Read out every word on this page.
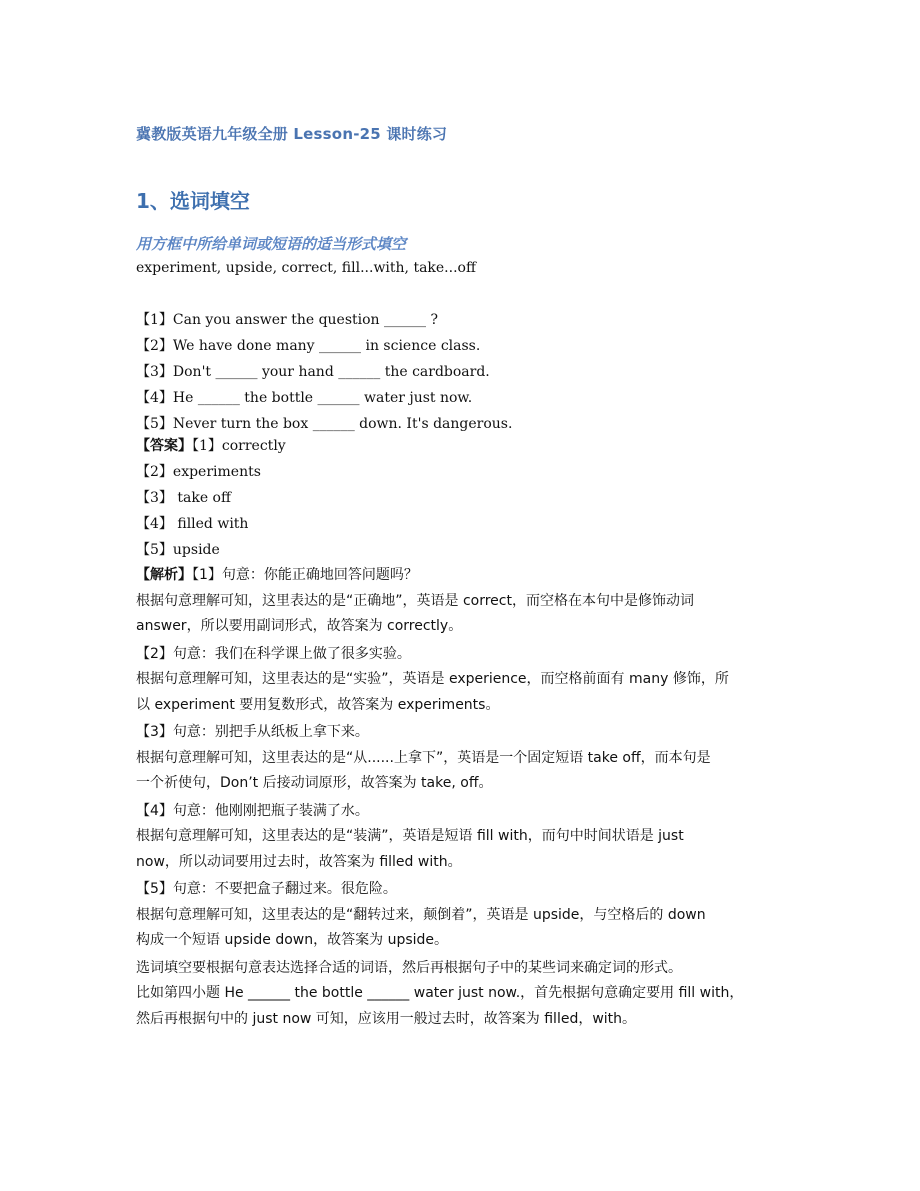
冀教版英语九年级全册 Lesson-25 课时练习
1、选词填空
用方框中所给单词或短语的适当形式填空
experiment, upside, correct, fill...with, take...off
【1】Can you answer the question ______ ?
【2】We have done many ______ in science class.
【3】Don't ______ your hand ______ the cardboard.
【4】He ______ the bottle ______ water just now.
【5】Never turn the box ______ down. It's dangerous.
【答案】【1】correctly
【2】experiments
【3】 take off
【4】 filled with
【5】upside

【解析】【1】句意：你能正确地回答问题吗？

根据句意理解可知，这里表达的是“正确地”，英语是 correct，而空格在本句中是修饰动词

answer，所以要用副词形式，故答案为 correctly。

【2】句意：我们在科学课上做了很多实验。

根据句意理解可知，这里表达的是“实验”，英语是 experience，而空格前面有 many 修饰，所

以 experiment 要用复数形式，故答案为 experiments。

【3】句意：别把手从纸板上拿下来。

根据句意理解可知，这里表达的是“从......上拿下”，英语是一个固定短语 take off，而本句是

一个祈使句，Don’t 后接动词原形，故答案为 take, off。

【4】句意：他刚刚把瓶子装满了水。

根据句意理解可知，这里表达的是“装满”，英语是短语 fill with，而句中时间状语是 just

now，所以动词要用过去时，故答案为 filled with。

【5】句意：不要把盒子翻过来。很危险。

根据句意理解可知，这里表达的是“翻转过来，颠倒着”，英语是 upside，与空格后的 down

构成一个短语 upside down，故答案为 upside。

选词填空要根据句意表达选择合适的词语，然后再根据句子中的某些词来确定词的形式。

比如第四小题 He ______ the bottle ______ water just now.，首先根据句意确定要用 fill with，

然后再根据句中的 just now 可知，应该用一般过去时，故答案为 filled，with。
